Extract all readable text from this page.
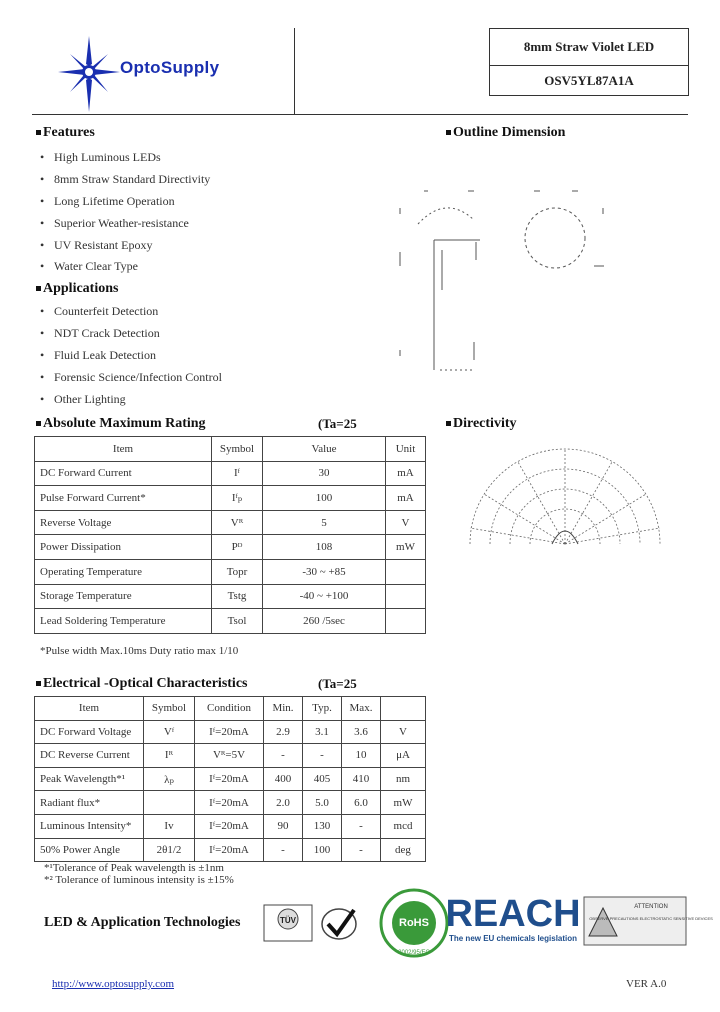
OptoSupply
8mm Straw Violet LED
OSV5YL87A1A
Features
• High Luminous LEDs
• 8mm Straw Standard Directivity
• Long Lifetime Operation
• Superior Weather-resistance
• UV Resistant Epoxy
• Water Clear Type
Applications
• Counterfeit Detection
• NDT Crack Detection
• Fluid Leak Detection
• Forensic Science/Infection Control
• Other Lighting
Outline Dimension
Directivity
Absolute Maximum Rating	(Ta=25
Item	Symbol	Value	Unit
DC Forward Current	Iᶠ	30	mA
Pulse Forward Current*	Iᶠₚ	100	mA
Reverse Voltage	Vᴿ	5	V
Power Dissipation	Pᴰ	108	mW
Operating Temperature	Topr	-30 ~ +85	
Storage Temperature	Tstg	-40 ~ +100	
Lead Soldering Temperature	Tsol	260 /5sec	
*Pulse width Max.10ms Duty ratio max 1/10
Electrical -Optical Characteristics	(Ta=25
Item	Symbol	Condition	Min.	Typ.	Max.	
DC Forward Voltage	Vᶠ	Iᶠ=20mA	2.9	3.1	3.6	V
DC Reverse Current	Iᴿ	Vᴿ=5V	-	-	10	μA
Peak Wavelength*¹	λₚ	Iᶠ=20mA	400	405	410	nm
Radiant flux*		Iᶠ=20mA	2.0	5.0	6.0	mW
Luminous Intensity*	Iv	Iᶠ=20mA	90	130	-	mcd
50% Power Angle	2θ1/2	Iᶠ=20mA	-	100	-	deg
*¹Tolerance of Peak wavelength is ±1nm
*² Tolerance of luminous intensity is ±15%
LED & Application Technologies	TÜV	RoHS
2002/95/EC
REACH
The new EU chemicals legislation
ATTENTION
OBSERVE PRECAUTIONS ELECTROSTATIC SENSITIVE DEVICES
http://www.optosupply.com	VER A.0
